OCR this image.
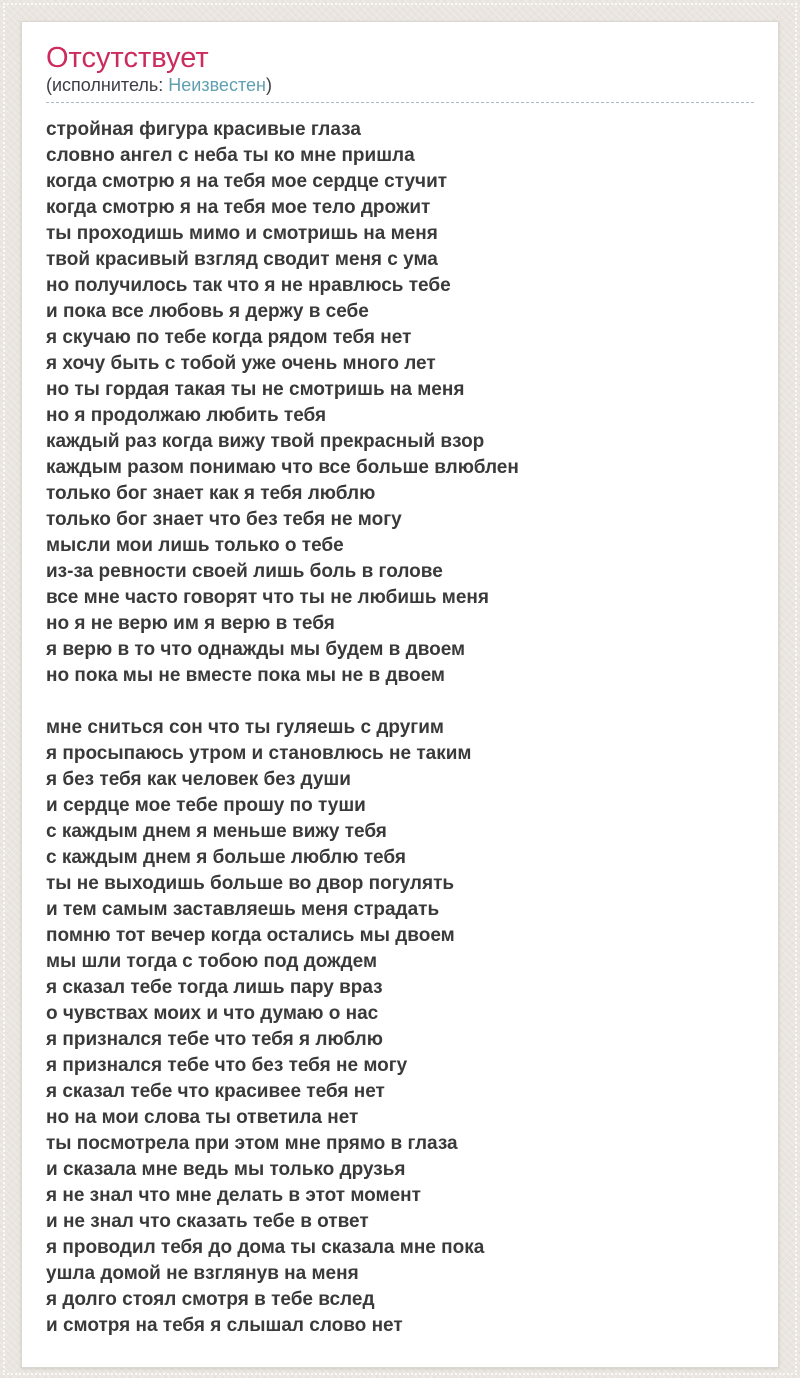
Отсутствует
(исполнитель: Неизвестен)
стройная фигура красивые глаза
словно ангел с неба ты ко мне пришла
когда смотрю я на тебя мое сердце стучит
когда смотрю я на тебя мое тело дрожит
ты проходишь мимо и смотришь на меня
твой красивый взгляд сводит меня с ума
но получилось так что я не нравлюсь тебе
и пока все любовь я держу в себе
я скучаю по тебе когда рядом тебя нет
я хочу быть с тобой уже очень много лет
но ты гордая такая ты не смотришь на меня
но я продолжаю любить тебя
каждый раз когда вижу твой прекрасный взор
каждым разом понимаю что все больше влюблен
только бог знает как я тебя люблю
только бог знает что без тебя не могу
мысли мои лишь только о тебе
из-за ревности своей лишь боль в голове
все мне часто говорят что ты не любишь меня
но я не верю им я верю в тебя
я верю в то что однажды мы будем в двоем
но пока мы не вместе пока мы не в двоем
мне сниться сон что ты гуляешь с другим
я просыпаюсь утром и становлюсь не таким
я без тебя как человек без души
и сердце мое тебе прошу по туши
с каждым днем я меньше вижу тебя
с каждым днем я больше люблю тебя
ты не выходишь больше во двор погулять
и тем самым заставляешь меня страдать
помню тот вечер когда остались мы двоем
мы шли тогда с тобою под дождем
я сказал тебе тогда лишь пару враз
о чувствах моих и что думаю о нас
я признался тебе что тебя я люблю
я признался тебе что без тебя не могу
я сказал тебе что красивее тебя нет
но на мои слова ты ответила нет
ты посмотрела при этом мне прямо в глаза
и сказала мне ведь мы только друзья
я не знал что мне делать в этот момент
и не знал что сказать тебе в ответ
я проводил тебя до дома ты сказала мне пока
ушла домой не взглянув на меня
я долго стоял смотря в тебе вслед
и смотря на тебя я слышал слово нет
